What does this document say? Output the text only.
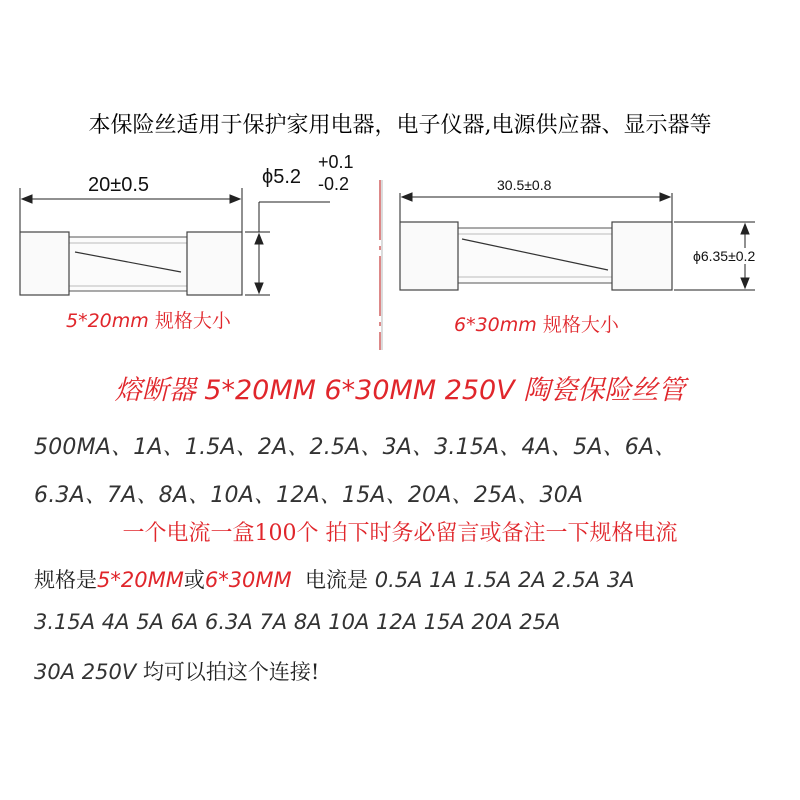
本保险丝适用于保护家用电器，电子仪器,电源供应器、显示器等
20±0.5	ϕ5.2
+0.1
-0.2	30.5±0.8
ϕ6.35±0.2
5*20mm 规格大小	6*30mm 规格大小
熔断器 5*20MM 6*30MM 250V 陶瓷保险丝管
500MA、1A、1.5A、2A、2.5A、3A、3.15A、4A、5A、6A、
6.3A、7A、8A、10A、12A、15A、20A、25A、30A
一个电流一盒100个 拍下时务必留言或备注一下规格电流
规格是5*20MM或6*30MM 电流是 0.5A 1A 1.5A 2A 2.5A 3A
3.15A 4A 5A 6A 6.3A 7A 8A 10A 12A 15A 20A 25A
30A 250V 均可以拍这个连接!
